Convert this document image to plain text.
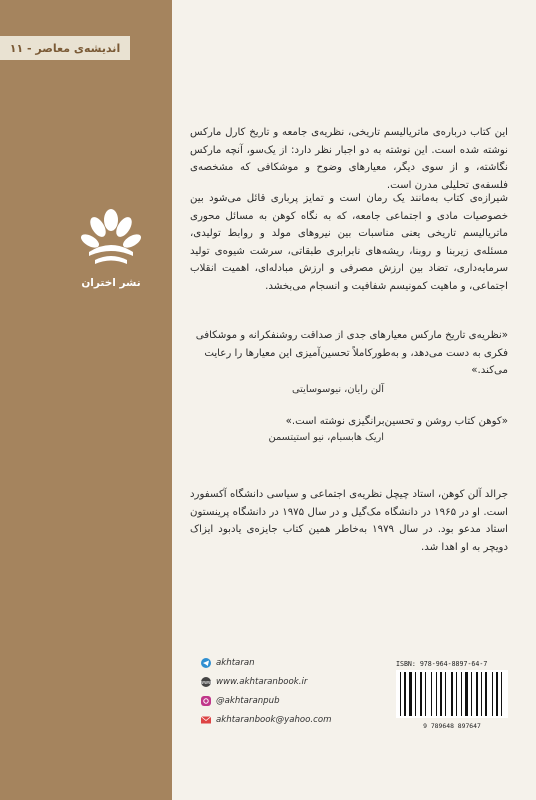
اندیشه‌ی معاصر - ۱۱
نشر اختران
این کتاب درباره‌ی ماتریالیسم تاریخی، نظریه‌ی جامعه و تاریخ کارل مارکس نوشته شده است. این نوشته به دو اجبار نظر دارد: از یک‌سو، آنچه مارکس نگاشته، و از سوی دیگر، معیارهای وضوح و موشکافی که مشخصه‌ی فلسفه‌ی تحلیلی مدرن است.
شیرازه‌ی کتاب به‌مانند یک رمان است و تمایز پرباری قائل می‌شود بین خصوصیات مادی و اجتماعی جامعه، که به نگاه کوهن به مسائل محوری ماتریالیسم تاریخی یعنی مناسبات بین نیروهای مولد و روابط تولیدی، مسئله‌ی زیربنا و روبنا، ریشه‌های نابرابری طبقاتی، سرشت شیوه‌ی تولید سرمایه‌داری، تضاد بین ارزش مصرفی و ارزش مبادله‌ای، اهمیت انقلاب اجتماعی، و ماهیت کمونیسم شفافیت و انسجام می‌بخشد.
«نظریه‌ی تاریخ مارکس معیارهای جدی از صداقت روشنفکرانه و موشکافی فکری به دست می‌دهد، و به‌طورکاملاً تحسین‌آمیزی این معیارها را رعایت می‌کند.»
آلن رایان، نیوسوسایتی
«کوهن کتاب روشن و تحسین‌برانگیزی نوشته است.»
اریک هابسبام، نیو استیتسمن
جرالد آلن کوهن، استاد چیچل نظریه‌ی اجتماعی و سیاسی دانشگاه آکسفورد است. او در ۱۹۶۵ در دانشگاه مک‌گیل و در سال ۱۹۷۵ در دانشگاه پرینستون استاد مدعو بود. در سال ۱۹۷۹ به‌خاطر همین کتاب جایزه‌ی یادبود ایزاک دویچر به او اهدا شد.
akhtaran
www www.akhtaranbook.ir
@akhtaranpub
akhtaranbook@yahoo.com
ISBN: 978-964-8897-64-7
9 789648 897647
